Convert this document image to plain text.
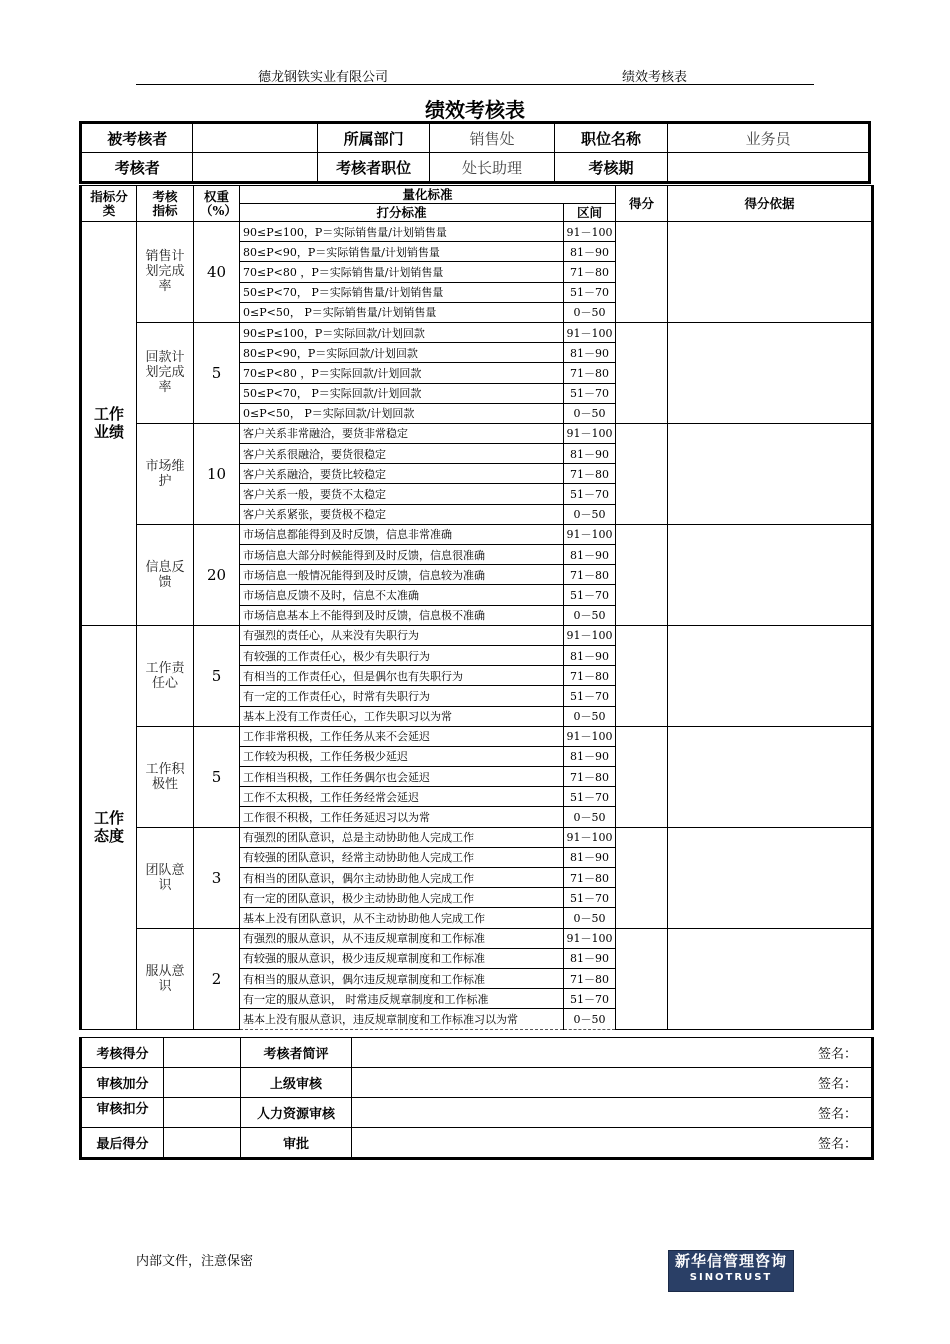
德龙钢铁实业有限公司	绩效考核表
绩效考核表
被考核者		所属部门	销售处	职位名称	业务员
考核者		考核者职位	处长助理	考核期	
指标分类	考核指标	权重（%）	量化标准		得分	得分依据
			打分标准	区间		
工作业绩	销售计划完成率	40	90≤P≤100，P＝实际销售量/计划销售量	91－100		
			80≤P<90，P＝实际销售量/计划销售量	81－90		
			70≤P<80 ，P＝实际销售量/计划销售量	71－80		
			50≤P<70， P＝实际销售量/计划销售量	51－70		
			0≤P<50， P＝实际销售量/计划销售量	0－50		
	回款计划完成率	5	90≤P≤100，P＝实际回款/计划回款	91－100		
			80≤P<90，P＝实际回款/计划回款	81－90		
			70≤P<80 ，P＝实际回款/计划回款	71－80		
			50≤P<70， P＝实际回款/计划回款	51－70		
			0≤P<50， P＝实际回款/计划回款	0－50		
	市场维护	10	客户关系非常融洽，要货非常稳定	91－100		
			客户关系很融洽，要货很稳定	81－90		
			客户关系融洽，要货比较稳定	71－80		
			客户关系一般，要货不太稳定	51－70		
			客户关系紧张，要货极不稳定	0－50		
	信息反馈	20	市场信息都能得到及时反馈，信息非常准确	91－100		
			市场信息大部分时候能得到及时反馈，信息很准确	81－90		
			市场信息一般情况能得到及时反馈，信息较为准确	71－80		
			市场信息反馈不及时，信息不太准确	51－70		
			市场信息基本上不能得到及时反馈，信息极不准确	0－50		
工作态度	工作责任心	5	有强烈的责任心，从来没有失职行为	91－100		
			有较强的工作责任心，极少有失职行为	81－90		
			有相当的工作责任心，但是偶尔也有失职行为	71－80		
			有一定的工作责任心，时常有失职行为	51－70		
			基本上没有工作责任心，工作失职习以为常	0－50		
	工作积极性	5	工作非常积极，工作任务从来不会延迟	91－100		
			工作较为积极，工作任务极少延迟	81－90		
			工作相当积极，工作任务偶尔也会延迟	71－80		
			工作不太积极，工作任务经常会延迟	51－70		
			工作很不积极，工作任务延迟习以为常	0－50		
	团队意识	3	有强烈的团队意识，总是主动协助他人完成工作	91－100		
			有较强的团队意识，经常主动协助他人完成工作	81－90		
			有相当的团队意识，偶尔主动协助他人完成工作	71－80		
			有一定的团队意识，极少主动协助他人完成工作	51－70		
			基本上没有团队意识，从不主动协助他人完成工作	0－50		
	服从意识	2	有强烈的服从意识，从不违反规章制度和工作标准	91－100		
			有较强的服从意识，极少违反规章制度和工作标准	81－90		
			有相当的服从意识，偶尔违反规章制度和工作标准	71－80		
			有一定的服从意识， 时常违反规章制度和工作标准	51－70		
			基本上没有服从意识，违反规章制度和工作标准习以为常	0－50		
考核得分		考核者简评	签名：
审核加分		上级审核	签名：
审核扣分		人力资源审核	签名：
最后得分		审批	签名：
内部文件，注意保密	新华信管理咨询
SINOTRUST
